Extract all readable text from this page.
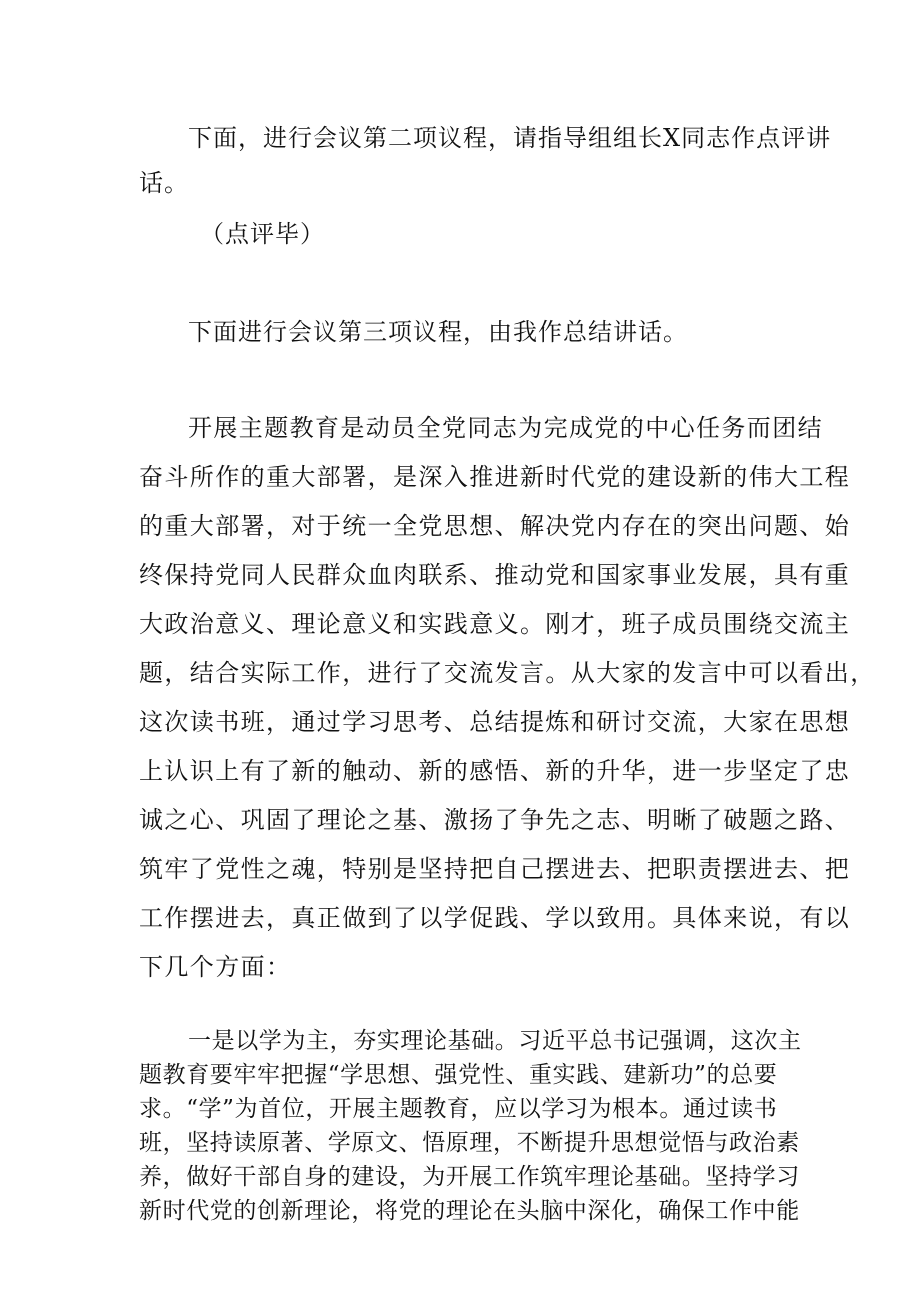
下面，进行会议第二项议程，请指导组组长X同志作点评讲

话。

（点评毕）

下面进行会议第三项议程，由我作总结讲话。

开展主题教育是动员全党同志为完成党的中心任务而团结

奋斗所作的重大部署，是深入推进新时代党的建设新的伟大工程

的重大部署，对于统一全党思想、解决党内存在的突出问题、始

终保持党同人民群众血肉联系、推动党和国家事业发展，具有重

大政治意义、理论意义和实践意义。刚才，班子成员围绕交流主

题，结合实际工作，进行了交流发言。从大家的发言中可以看出，

这次读书班，通过学习思考、总结提炼和研讨交流，大家在思想

上认识上有了新的触动、新的感悟、新的升华，进一步坚定了忠

诚之心、巩固了理论之基、激扬了争先之志、明晰了破题之路、

筑牢了党性之魂，特别是坚持把自己摆进去、把职责摆进去、把

工作摆进去，真正做到了以学促践、学以致用。具体来说，有以

下几个方面：

一是以学为主，夯实理论基础。习近平总书记强调，这次主

题教育要牢牢把握“学思想、强党性、重实践、建新功”的总要

求。“学”为首位，开展主题教育，应以学习为根本。通过读书

班，坚持读原著、学原文、悟原理，不断提升思想觉悟与政治素

养，做好干部自身的建设，为开展工作筑牢理论基础。坚持学习

新时代党的创新理论，将党的理论在头脑中深化，确保工作中能
